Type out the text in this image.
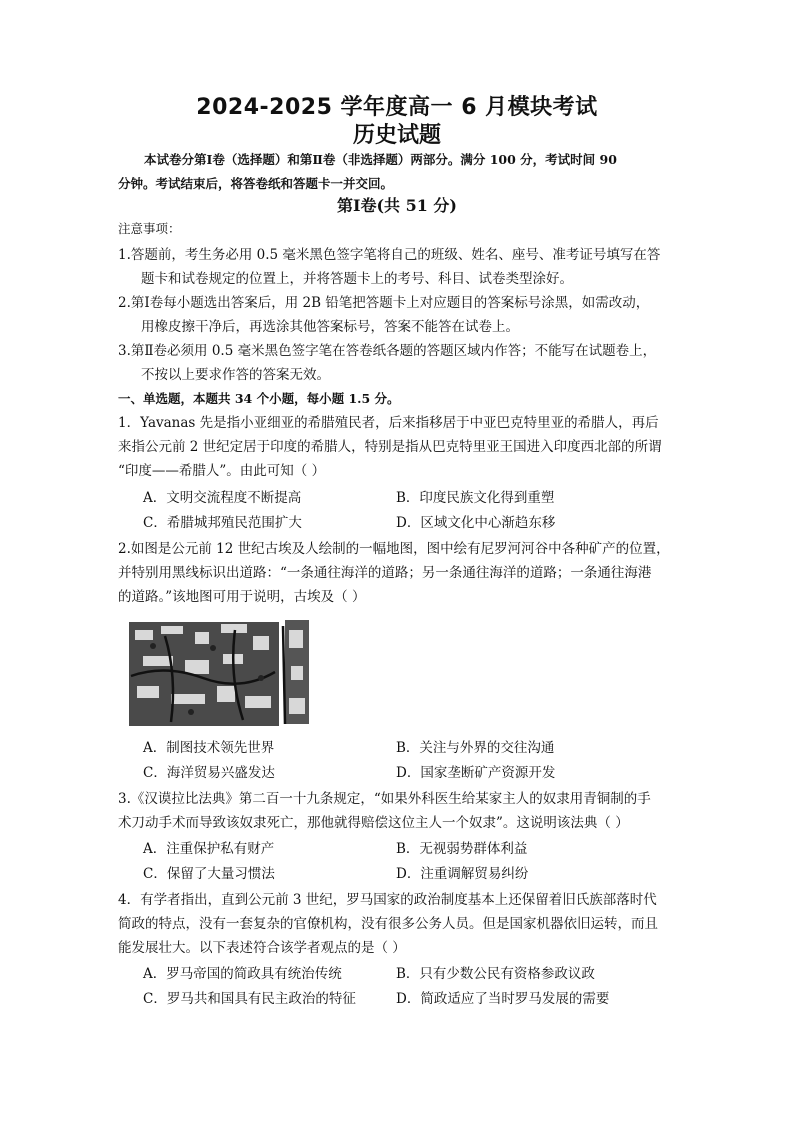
2024-2025 学年度高一 6 月模块考试
历史试题
本试卷分第Ⅰ卷（选择题）和第Ⅱ卷（非选择题）两部分。满分 100 分，考试时间 90
分钟。考试结束后，将答卷纸和答题卡一并交回。
第Ⅰ卷(共 51 分)
注意事项：
1.答题前，考生务必用 0.5 毫米黑色签字笔将自己的班级、姓名、座号、准考证号填写在答
题卡和试卷规定的位置上，并将答题卡上的考号、科目、试卷类型涂好。
2.第Ⅰ卷每小题选出答案后，用 2B 铅笔把答题卡上对应题目的答案标号涂黑，如需改动，
用橡皮擦干净后，再选涂其他答案标号，答案不能答在试卷上。
3.第Ⅱ卷必须用 0.5 毫米黑色签字笔在答卷纸各题的答题区域内作答；不能写在试题卷上，
不按以上要求作答的答案无效。
一、单选题，本题共 34 个小题，每小题 1.5 分。
1．Yavanas 先是指小亚细亚的希腊殖民者，后来指移居于中亚巴克特里亚的希腊人，再后
来指公元前 2 世纪定居于印度的希腊人，特别是指从巴克特里亚王国进入印度西北部的所谓
“印度——希腊人”。由此可知（ ）
A．文明交流程度不断提高	B．印度民族文化得到重塑
C．希腊城邦殖民范围扩大	D．区域文化中心渐趋东移
2.如图是公元前 12 世纪古埃及人绘制的一幅地图，图中绘有尼罗河河谷中各种矿产的位置，
并特别用黑线标识出道路：“一条通往海洋的道路；另一条通往海洋的道路；一条通往海港
的道路。”该地图可用于说明，古埃及（ ）
A．制图技术领先世界	B．关注与外界的交往沟通
C．海洋贸易兴盛发达	D．国家垄断矿产资源开发
3.《汉谟拉比法典》第二百一十九条规定，“如果外科医生给某家主人的奴隶用青铜制的手
术刀动手术而导致该奴隶死亡，那他就得赔偿这位主人一个奴隶”。这说明该法典（ ）
A．注重保护私有财产	B．无视弱势群体利益
C．保留了大量习惯法	D．注重调解贸易纠纷
4．有学者指出，直到公元前 3 世纪，罗马国家的政治制度基本上还保留着旧氏族部落时代
简政的特点，没有一套复杂的官僚机构，没有很多公务人员。但是国家机器依旧运转，而且
能发展壮大。以下表述符合该学者观点的是（ ）
A．罗马帝国的简政具有统治传统	B．只有少数公民有资格参政议政
C．罗马共和国具有民主政治的特征	D．简政适应了当时罗马发展的需要
